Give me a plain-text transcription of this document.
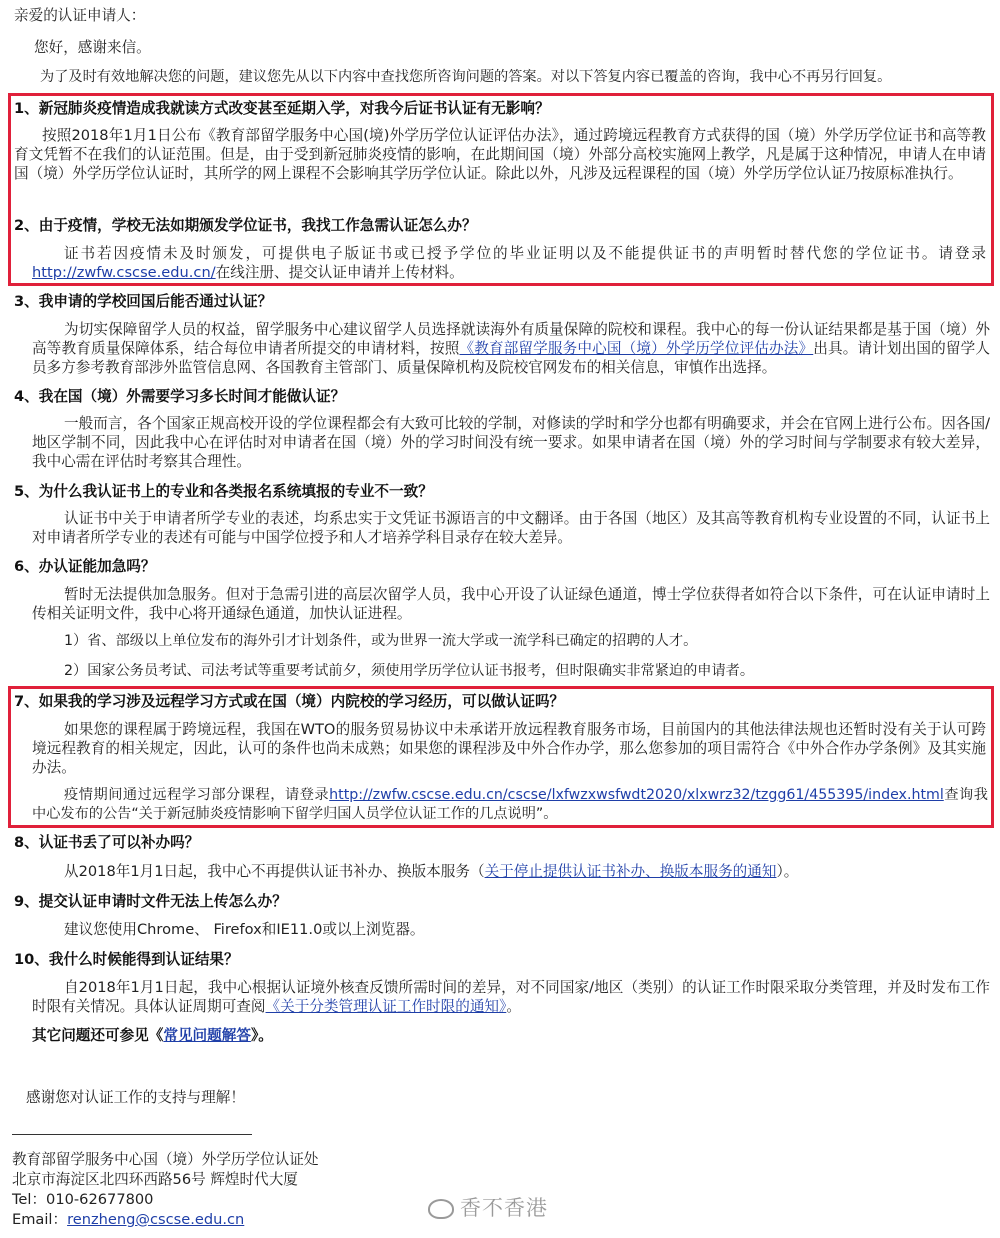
亲爱的认证申请人：

您好，感谢来信。

为了及时有效地解决您的问题，建议您先从以下内容中查找您所咨询问题的答案。对以下答复内容已覆盖的咨询，我中心不再另行回复。

1、新冠肺炎疫情造成我就读方式改变甚至延期入学，对我今后证书认证有无影响？

按照2018年1月1日公布《教育部留学服务中心国(境)外学历学位认证评估办法》，通过跨境远程教育方式获得的国（境）外学历学位证书和高等教育文凭暂不在我们的认证范围。但是，由于受到新冠肺炎疫情的影响，在此期间国（境）外部分高校实施网上教学，凡是属于这种情况，申请人在申请国（境）外学历学位认证时，其所学的网上课程不会影响其学历学位认证。除此以外，凡涉及远程课程的国（境）外学历学位认证乃按原标准执行。

2、由于疫情，学校无法如期颁发学位证书，我找工作急需认证怎么办？

证书若因疫情未及时颁发，可提供电子版证书或已授予学位的毕业证明以及不能提供证书的声明暂时替代您的学位证书。请登录http://zwfw.cscse.edu.cn/在线注册、提交认证申请并上传材料。

3、我申请的学校回国后能否通过认证？

为切实保障留学人员的权益，留学服务中心建议留学人员选择就读海外有质量保障的院校和课程。我中心的每一份认证结果都是基于国（境）外高等教育质量保障体系，结合每位申请者所提交的申请材料，按照《教育部留学服务中心国（境）外学历学位评估办法》出具。请计划出国的留学人员多方参考教育部涉外监管信息网、各国教育主管部门、质量保障机构及院校官网发布的相关信息，审慎作出选择。

4、我在国（境）外需要学习多长时间才能做认证？

一般而言，各个国家正规高校开设的学位课程都会有大致可比较的学制，对修读的学时和学分也都有明确要求，并会在官网上进行公布。因各国/地区学制不同，因此我中心在评估时对申请者在国（境）外的学习时间没有统一要求。如果申请者在国（境）外的学习时间与学制要求有较大差异，我中心需在评估时考察其合理性。

5、为什么我认证书上的专业和各类报名系统填报的专业不一致？

认证书中关于申请者所学专业的表述，均系忠实于文凭证书源语言的中文翻译。由于各国（地区）及其高等教育机构专业设置的不同，认证书上对申请者所学专业的表述有可能与中国学位授予和人才培养学科目录存在较大差异。

6、办认证能加急吗？

暂时无法提供加急服务。但对于急需引进的高层次留学人员，我中心开设了认证绿色通道，博士学位获得者如符合以下条件，可在认证申请时上传相关证明文件，我中心将开通绿色通道，加快认证进程。

1）省、部级以上单位发布的海外引才计划条件，或为世界一流大学或一流学科已确定的招聘的人才。

2）国家公务员考试、司法考试等重要考试前夕，须使用学历学位认证书报考，但时限确实非常紧迫的申请者。

7、如果我的学习涉及远程学习方式或在国（境）内院校的学习经历，可以做认证吗？

如果您的课程属于跨境远程，我国在WTO的服务贸易协议中未承诺开放远程教育服务市场，目前国内的其他法律法规也还暂时没有关于认可跨境远程教育的相关规定，因此，认可的条件也尚未成熟；如果您的课程涉及中外合作办学，那么您参加的项目需符合《中外合作办学条例》及其实施办法。

疫情期间通过远程学习部分课程，请登录http://zwfw.cscse.edu.cn/cscse/lxfwzxwsfwdt2020/xlxwrz32/tzgg61/455395/index.html查询我中心发布的公告“关于新冠肺炎疫情影响下留学归国人员学位认证工作的几点说明”。

8、认证书丢了可以补办吗？

从2018年1月1日起，我中心不再提供认证书补办、换版本服务（关于停止提供认证书补办、换版本服务的通知）。

9、提交认证申请时文件无法上传怎么办？

建议您使用Chrome、 Firefox和IE11.0或以上浏览器。

10、我什么时候能得到认证结果？

自2018年1月1日起，我中心根据认证境外核查反馈所需时间的差异，对不同国家/地区（类别）的认证工作时限采取分类管理，并及时发布工作时限有关情况。具体认证周期可查阅《关于分类管理认证工作时限的通知》。

其它问题还可参见《常见问题解答》。

感谢您对认证工作的支持与理解！

教育部留学服务中心国（境）外学历学位认证处

北京市海淀区北四环西路56号 辉煌时代大厦

Tel：010-62677800

Email：renzheng@cscse.edu.cn	香不香港
